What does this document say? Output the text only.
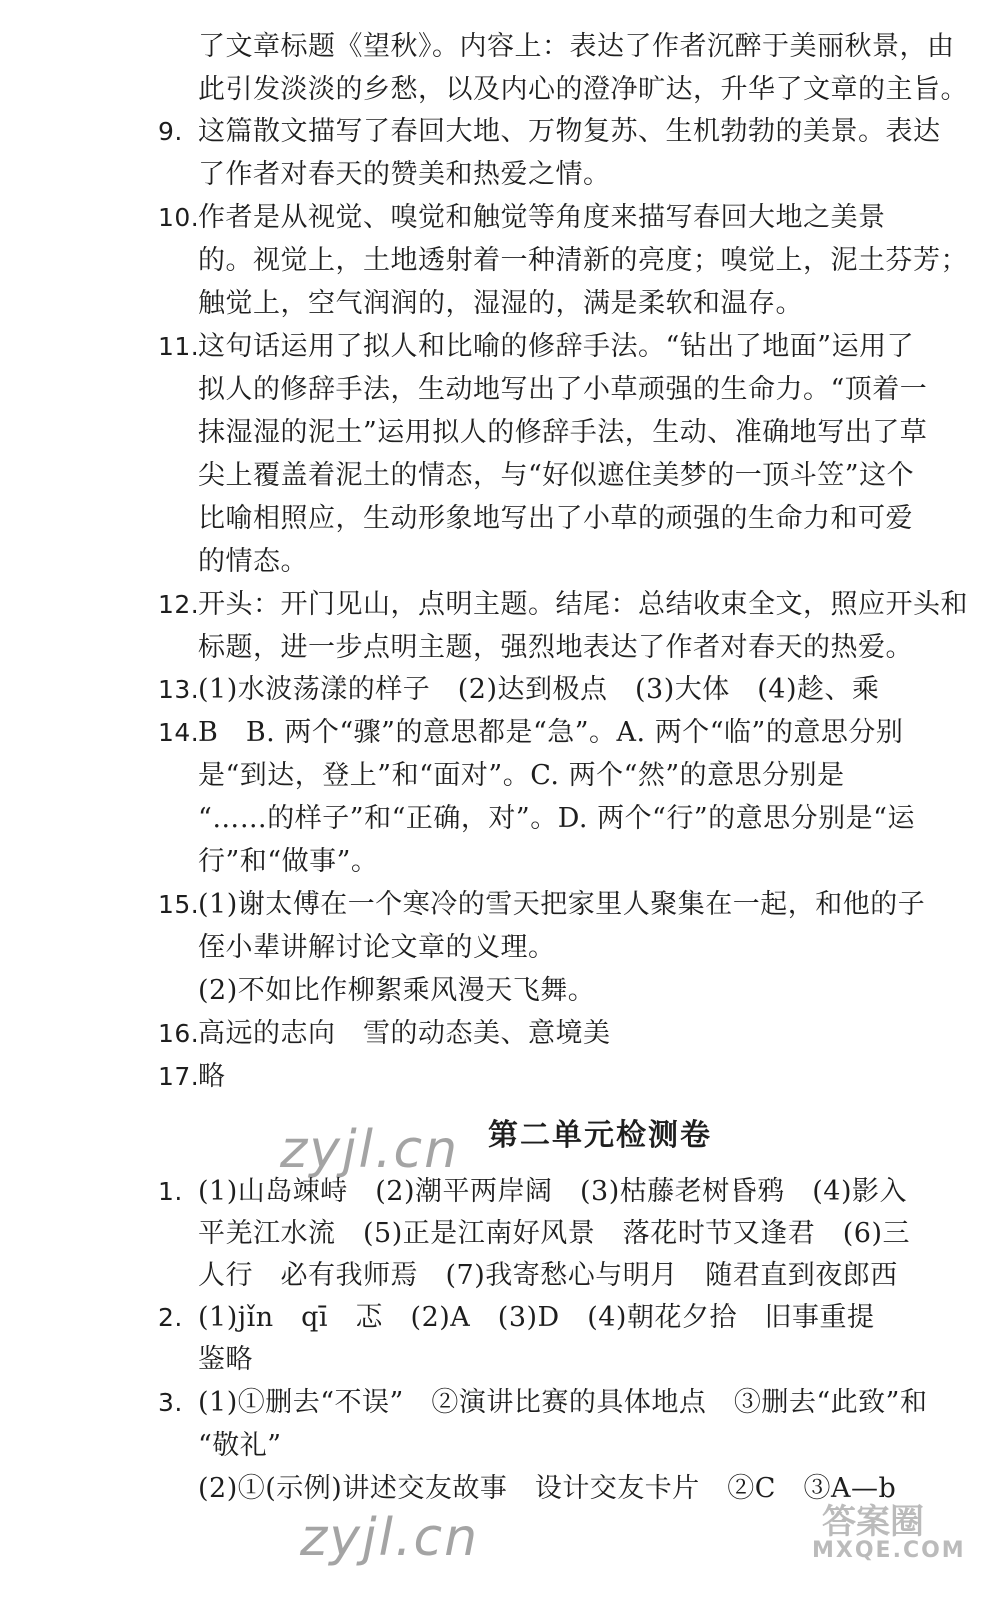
了文章标题《望秋》。内容上：表达了作者沉醉于美丽秋景，由
此引发淡淡的乡愁，以及内心的澄净旷达，升华了文章的主旨。
9. 这篇散文描写了春回大地、万物复苏、生机勃勃的美景。表达
了作者对春天的赞美和热爱之情。
10.
作者是从视觉、嗅觉和触觉等角度来描写春回大地之美景
的。视觉上，土地透射着一种清新的亮度；嗅觉上，泥土芬芳；
触觉上，空气润润的，湿湿的，满是柔软和温存。
11.
这句话运用了拟人和比喻的修辞手法。“钻出了地面”运用了
拟人的修辞手法，生动地写出了小草顽强的生命力。“顶着一
抹湿湿的泥土”运用拟人的修辞手法，生动、准确地写出了草
尖上覆盖着泥土的情态，与“好似遮住美梦的一顶斗笠”这个
比喻相照应，生动形象地写出了小草的顽强的生命力和可爱
的情态。
12.
开头：开门见山，点明主题。结尾：总结收束全文，照应开头和
标题，进一步点明主题，强烈地表达了作者对春天的热爱。
13.
(1)水波荡漾的样子　(2)达到极点　(3)大体　(4)趁、乘
14.
B　B. 两个“骤”的意思都是“急”。A. 两个“临”的意思分别
是“到达，登上”和“面对”。C. 两个“然”的意思分别是
“……的样子”和“正确，对”。D. 两个“行”的意思分别是“运
行”和“做事”。
15.
(1)谢太傅在一个寒冷的雪天把家里人聚集在一起，和他的子
侄小辈讲解讨论文章的义理。
(2)不如比作柳絮乘风漫天飞舞。
16.
高远的志向　雪的动态美、意境美
17.
略
zyjl.cn 第二单元检测卷
1. (1)山岛竦峙　(2)潮平两岸阔　(3)枯藤老树昏鸦　(4)影入
平羌江水流　(5)正是江南好风景　落花时节又逢君　(6)三
人行　必有我师焉　(7)我寄愁心与明月　随君直到夜郎西
2. (1)jǐn　qī　忑　(2)A　(3)D　(4)朝花夕拾　旧事重提
鉴略
3. (1)①删去“不误”　②演讲比赛的具体地点　③删去“此致”和
“敬礼”
(2)①(示例)讲述交友故事　设计交友卡片　②C　③A—b
zyjl.cn	答案圈
MXQE.COM
